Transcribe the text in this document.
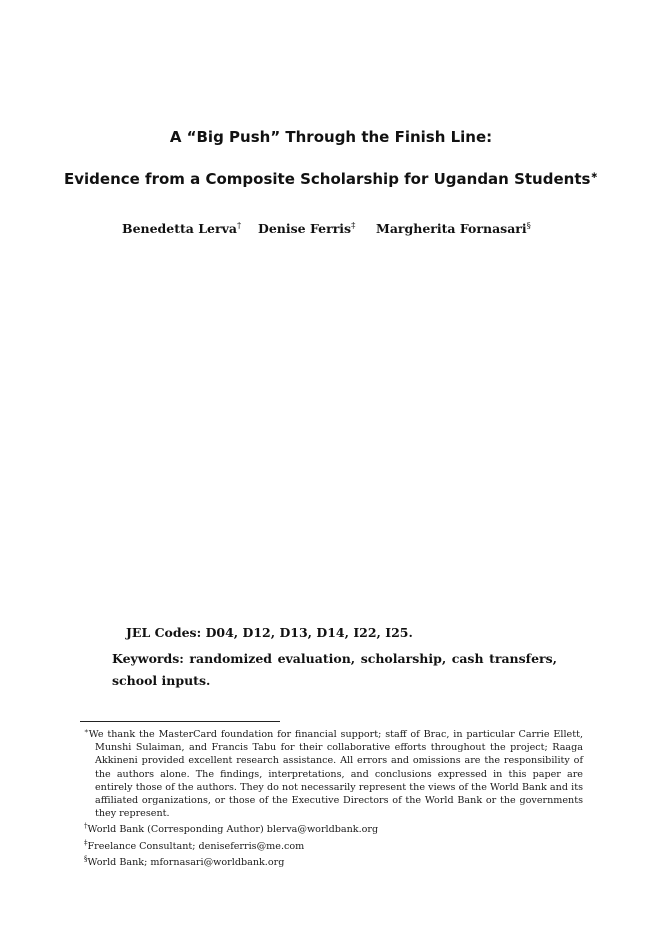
A “Big Push” Through the Finish Line:
Evidence from a Composite Scholarship for Ugandan Students∗
Benedetta Lerva† Denise Ferris‡ Margherita Fornasari§
JEL Codes: D04, D12, D13, D14, I22, I25.
Keywords: randomized evaluation, scholarship, cash transfers, school inputs.

∗We thank the MasterCard foundation for financial support; staff of Brac, in particular Carrie Ellett, Munshi Sulaiman, and Francis Tabu for their collaborative efforts throughout the project; Raaga Akkineni provided excellent research assistance. All errors and omissions are the responsibility of the authors alone. The findings, interpretations, and conclusions expressed in this paper are entirely those of the authors. They do not necessarily represent the views of the World Bank and its affiliated organizations, or those of the Executive Directors of the World Bank or the governments they represent.

†World Bank (Corresponding Author) blerva@worldbank.org

‡Freelance Consultant; deniseferris@me.com

§World Bank; mfornasari@worldbank.org
